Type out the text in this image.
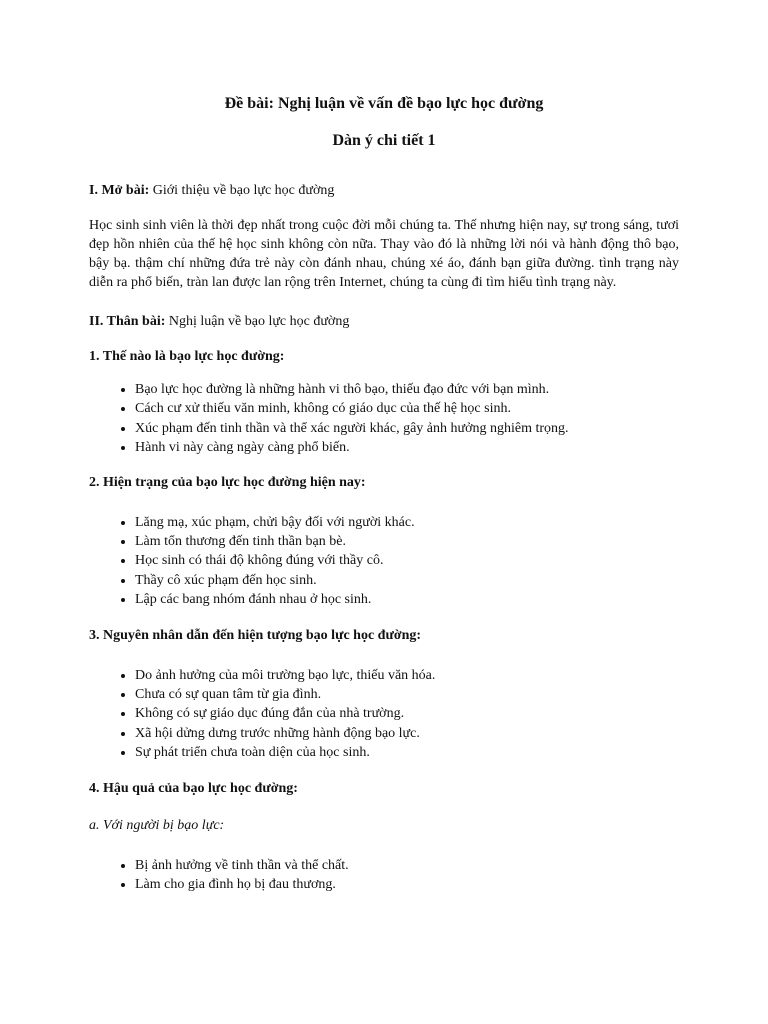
Đề bài: Nghị luận về vấn đề bạo lực học đường

Dàn ý chi tiết 1

I. Mở bài: Giới thiệu về bạo lực học đường

Học sinh sinh viên là thời đẹp nhất trong cuộc đời mỗi chúng ta. Thế nhưng hiện nay, sự trong sáng, tươi đẹp hồn nhiên của thế hệ học sinh không còn nữa. Thay vào đó là những lời nói và hành động thô bạo, bậy bạ. thậm chí những đứa trẻ này còn đánh nhau, chúng xé áo, đánh bạn giữa đường. tình trạng này diễn ra phổ biến, tràn lan được lan rộng trên Internet, chúng ta cùng đi tìm hiểu tình trạng này.

II. Thân bài: Nghị luận về bạo lực học đường

1. Thế nào là bạo lực học đường:

• Bạo lực học đường là những hành vi thô bạo, thiếu đạo đức với bạn mình.
• Cách cư xử thiếu văn minh, không có giáo dục của thế hệ học sinh.
• Xúc phạm đến tinh thần và thể xác người khác, gây ảnh hưởng nghiêm trọng.
• Hành vi này càng ngày càng phổ biến.

2. Hiện trạng của bạo lực học đường hiện nay:

• Lăng mạ, xúc phạm, chửi bậy đối với người khác.
• Làm tổn thương đến tinh thần bạn bè.
• Học sinh có thái độ không đúng với thầy cô.
• Thầy cô xúc phạm đến học sinh.
• Lập các bang nhóm đánh nhau ở học sinh.

3. Nguyên nhân dẫn đến hiện tượng bạo lực học đường:

• Do ảnh hưởng của môi trường bạo lực, thiếu văn hóa.
• Chưa có sự quan tâm từ gia đình.
• Không có sự giáo dục đúng đắn của nhà trường.
• Xã hội dửng dưng trước những hành động bạo lực.
• Sự phát triển chưa toàn diện của học sinh.

4. Hậu quả của bạo lực học đường:

a. Với người bị bạo lực:

• Bị ảnh hưởng về tinh thần và thể chất.
• Làm cho gia đình họ bị đau thương.
